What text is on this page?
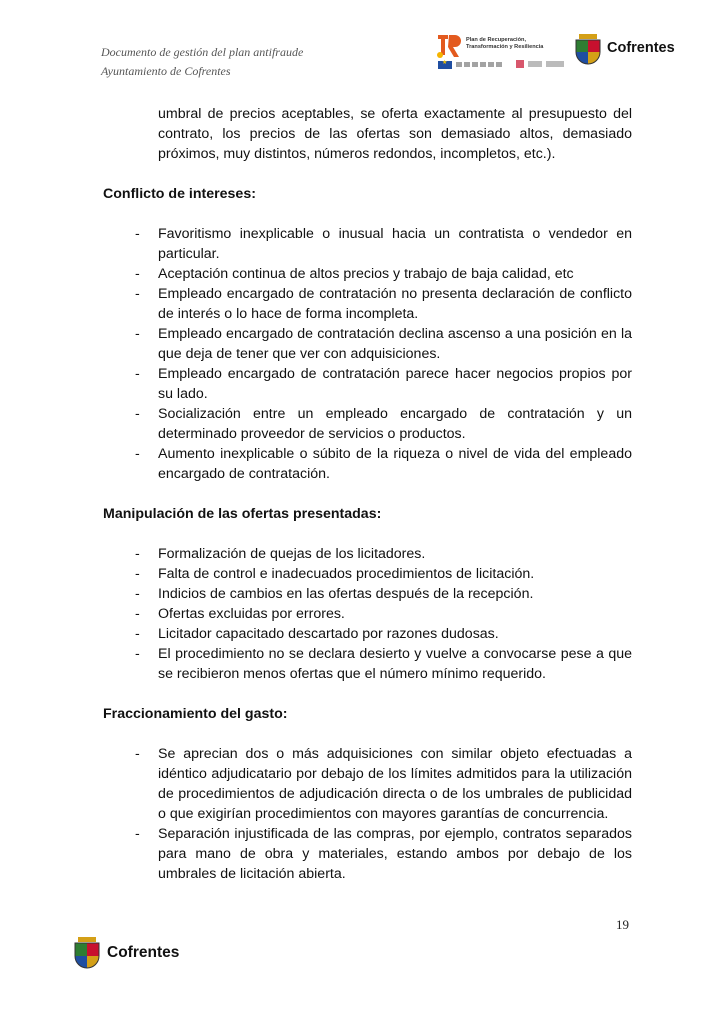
Documento de gestión del plan antifraude
Ayuntamiento de Cofrentes
Plan de Recuperación,
Transformación y Resiliencia
★	Cofrentes

umbral de precios aceptables, se oferta exactamente al presupuesto del contrato, los precios de las ofertas son demasiado altos, demasiado próximos, muy distintos, números redondos, incompletos, etc.).

Conflicto de intereses:
- Favoritismo inexplicable o inusual hacia un contratista o vendedor en particular.
- Aceptación continua de altos precios y trabajo de baja calidad, etc
- Empleado encargado de contratación no presenta declaración de conflicto de interés o lo hace de forma incompleta.
- Empleado encargado de contratación declina ascenso a una posición en la que deja de tener que ver con adquisiciones.
- Empleado encargado de contratación parece hacer negocios propios por su lado.
- Socialización entre un empleado encargado de contratación y un determinado proveedor de servicios o productos.
- Aumento inexplicable o súbito de la riqueza o nivel de vida del empleado encargado de contratación.
Manipulación de las ofertas presentadas:
- Formalización de quejas de los licitadores.
- Falta de control e inadecuados procedimientos de licitación.
- Indicios de cambios en las ofertas después de la recepción.
- Ofertas excluidas por errores.
- Licitador capacitado descartado por razones dudosas.
- El procedimiento no se declara desierto y vuelve a convocarse pese a que se recibieron menos ofertas que el número mínimo requerido.
Fraccionamiento del gasto:
- Se aprecian dos o más adquisiciones con similar objeto efectuadas a idéntico adjudicatario por debajo de los límites admitidos para la utilización de procedimientos de adjudicación directa o de los umbrales de publicidad o que exigirían procedimientos con mayores garantías de concurrencia.
- Separación injustificada de las compras, por ejemplo, contratos separados para mano de obra y materiales, estando ambos por debajo de los umbrales de licitación abierta.
19
Cofrentes
